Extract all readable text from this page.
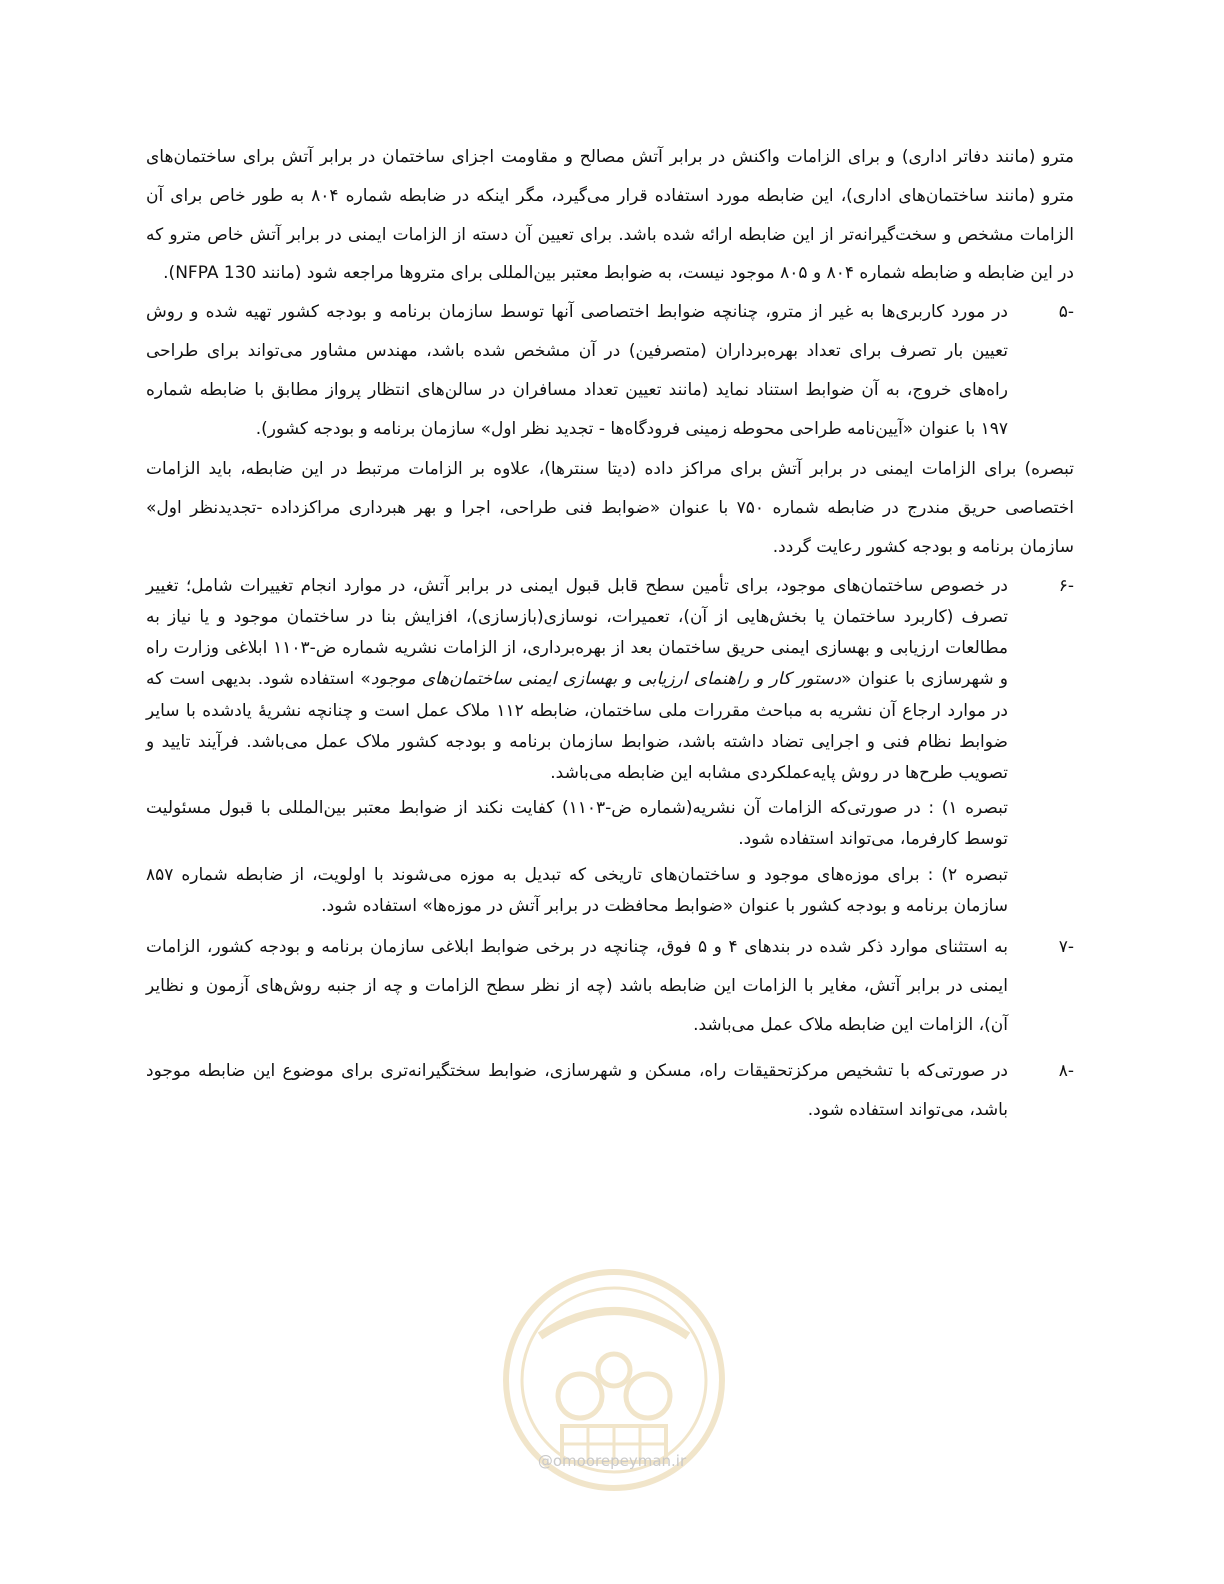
مترو (مانند دفاتر اداری) و برای الزامات واکنش در برابر آتش مصالح و مقاومت اجزای ساختمان در برابر آتش برای ساختمان‌های مترو (مانند ساختمان‌های اداری)، این ضابطه مورد استفاده قرار می‌گیرد، مگر اینکه در ضابطه شماره ۸۰۴ به طور خاص برای آن الزامات مشخص و سخت‌گیرانه‌تر از این ضابطه ارائه شده باشد. برای تعیین آن دسته از الزامات ایمنی در برابر آتش خاص مترو که در این ضابطه و ضابطه شماره ۸۰۴ و ۸۰۵ موجود نیست، به ضوابط معتبر بین‌المللی برای متروها مراجعه شود (مانند NFPA 130).

-۵
در مورد کاربری‌ها به غیر از مترو، چنانچه ضوابط اختصاصی آنها توسط سازمان برنامه و بودجه کشور تهیه شده و روش تعیین بار تصرف برای تعداد بهره‌برداران (متصرفین) در آن مشخص شده باشد، مهندس مشاور می‌تواند برای طراحی راه‌های خروج، به آن ضوابط استناد نماید (مانند تعیین تعداد مسافران در سالن‌های انتظار پرواز مطابق با ضابطه شماره ۱۹۷ با عنوان «آیین‌نامه طراحی محوطه زمینی فرودگاه‌ها - تجدید نظر اول» سازمان برنامه و بودجه کشور).

تبصره) برای الزامات ایمنی در برابر آتش برای مراکز داده (دیتا سنترها)، علاوه بر الزامات مرتبط در این ضابطه، باید الزامات اختصاصی حریق مندرج در ضابطه شماره ۷۵۰ با عنوان «ضوابط فنی طراحی، اجرا و بهر هبرداری مراکزداده -تجدیدنظر اول» سازمان برنامه و بودجه کشور رعایت گردد.

-۶
در خصوص ساختمان‌های موجود، برای تأمین سطح قابل قبول ایمنی در برابر آتش، در موارد انجام تغییرات شامل؛ تغییر تصرف (کاربرد ساختمان یا بخش‌هایی از آن)، تعمیرات، نوسازی(بازسازی)، افزایش بنا در ساختمان موجود و یا نیاز به مطالعات ارزیابی و بهسازی ایمنی حریق ساختمان بعد از بهره‌برداری، از الزامات نشریه شماره ض-۱۱۰۳ ابلاغی وزارت راه و شهرسازی با عنوان «دستور کار و راهنمای ارزیابی و بهسازی ایمنی ساختمان‌های موجود» استفاده شود. بدیهی است که در موارد ارجاع آن نشریه به مباحث مقررات ملی ساختمان، ضابطه ۱۱۲ ملاک عمل است و چنانچه نشریهٔ یادشده با سایر ضوابط نظام فنی و اجرایی تضاد داشته باشد، ضوابط سازمان برنامه و بودجه کشور ملاک عمل می‌باشد. فرآیند تایید و تصویب طرح‌ها در روش پایه‌عملکردی مشابه این ضابطه می‌باشد.
تبصره ۱) : در صورتی‌که الزامات آن نشریه(شماره ض-۱۱۰۳) کفایت نکند از ضوابط معتبر بین‌المللی با قبول مسئولیت توسط کارفرما، می‌تواند استفاده شود.
تبصره ۲) : برای موزه‌های موجود و ساختمان‌های تاریخی که تبدیل به موزه می‌شوند با اولویت، از ضابطه شماره ۸۵۷ سازمان برنامه و بودجه کشور با عنوان «ضوابط محافظت در برابر آتش در موزه‌ها» استفاده شود.
-۷
به استثنای موارد ذکر شده در بندهای ۴ و ۵ فوق، چنانچه در برخی ضوابط ابلاغی سازمان برنامه و بودجه کشور، الزامات ایمنی در برابر آتش، مغایر با الزامات این ضابطه باشد (چه از نظر سطح الزامات و چه از جنبه روش‌های آزمون و نظایر آن)، الزامات این ضابطه ملاک عمل می‌باشد.
-۸
در صورتی‌که با تشخیص مرکزتحقیقات راه، مسکن و شهرسازی، ضوابط سختگیرانه‌تری برای موضوع این ضابطه موجود باشد، می‌تواند استفاده شود.
@omoorepeyman.ir
